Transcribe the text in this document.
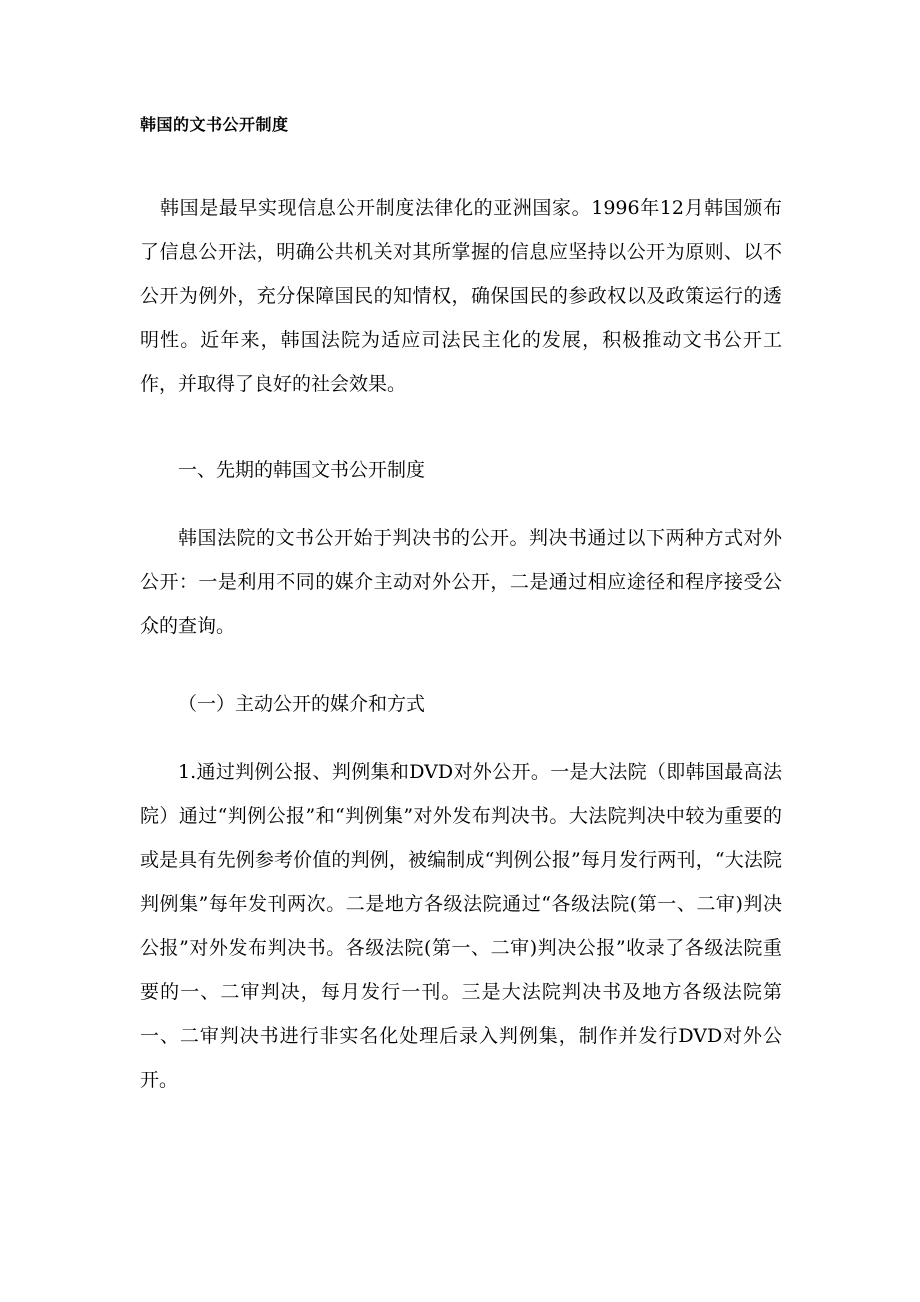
韩国的文书公开制度

韩国是最早实现信息公开制度法律化的亚洲国家。1996年12月韩国颁布了信息公开法，明确公共机关对其所掌握的信息应坚持以公开为原则、以不公开为例外，充分保障国民的知情权，确保国民的参政权以及政策运行的透明性。近年来，韩国法院为适应司法民主化的发展，积极推动文书公开工作，并取得了良好的社会效果。

一、先期的韩国文书公开制度

韩国法院的文书公开始于判决书的公开。判决书通过以下两种方式对外公开：一是利用不同的媒介主动对外公开，二是通过相应途径和程序接受公众的查询。

（一）主动公开的媒介和方式

1.通过判例公报、判例集和DVD对外公开。一是大法院（即韩国最高法院）通过“判例公报”和“判例集”对外发布判决书。大法院判决中较为重要的或是具有先例参考价值的判例，被编制成“判例公报”每月发行两刊，“大法院判例集”每年发刊两次。二是地方各级法院通过“各级法院(第一、二审)判决公报”对外发布判决书。各级法院(第一、二审)判决公报”收录了各级法院重要的一、二审判决，每月发行一刊。三是大法院判决书及地方各级法院第一、二审判决书进行非实名化处理后录入判例集，制作并发行DVD对外公开。
